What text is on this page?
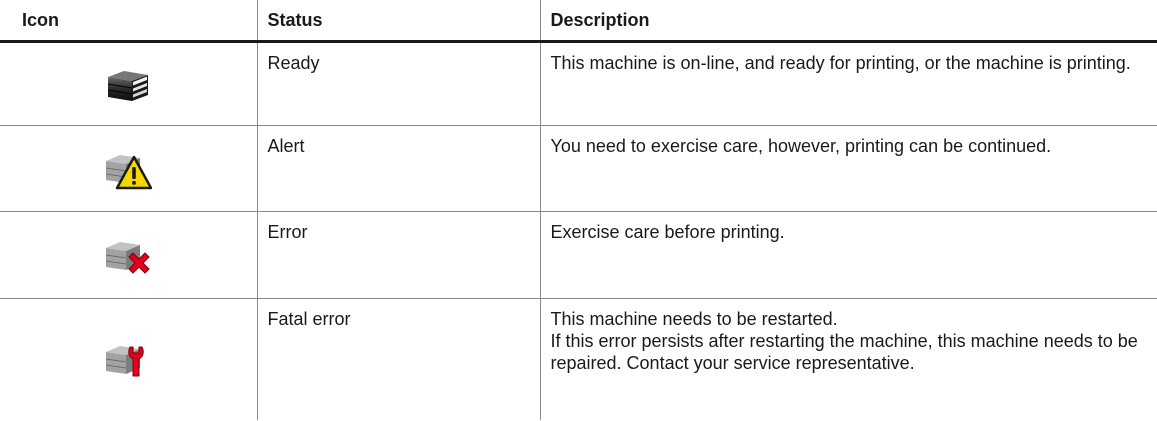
Icon	Status	Description
	Ready	This machine is on-line, and ready for printing, or the machine is printing.
	Alert	You need to exercise care, however, printing can be continued.
	Error	Exercise care before printing.
	Fatal error	This machine needs to be restarted.
If this error persists after restarting the machine, this machine needs to be repaired. Contact your service representative.
